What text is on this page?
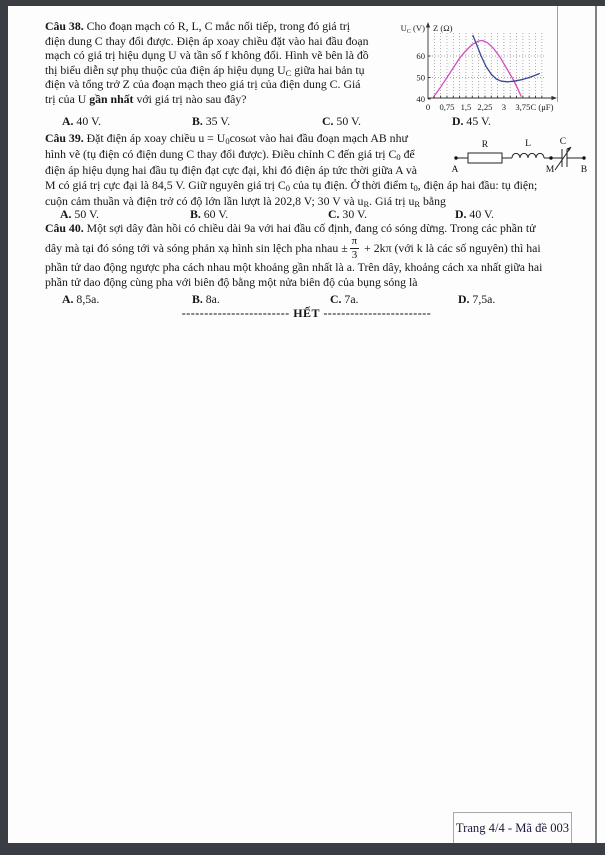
Câu 38. Cho đoạn mạch có R, L, C mắc nối tiếp, trong đó giá trị
điện dung C thay đổi được. Điện áp xoay chiều đặt vào hai đầu đoạn
mạch có giá trị hiệu dụng U và tần số f không đổi. Hình vẽ bên là đồ
thị biểu diễn sự phụ thuộc của điện áp hiệu dụng $U_C$ giữa hai bản tụ
điện và tổng trở Z của đoạn mạch theo giá trị của điện dung C. Giá
trị của U gần nhất với giá trị nào sau đây?	40
50
60
0 0,75 1,5 2,25 3 3,75 C (μF)
$U_C$ (V) Z (Ω)
A. 40 V.	B. 35 V.	C. 50 V.	D. 45 V.
Câu 39. Đặt điện áp xoay chiều $u = U_0\cos\omega t$ vào hai đầu đoạn mạch AB như
hình vẽ (tụ điện có điện dung C thay đổi được). Điều chỉnh C đến giá trị $C_0$ để
điện áp hiệu dụng hai đầu tụ điện đạt cực đại, khi đó điện áp tức thời giữa A và
M có giá trị cực đại là 84,5 V. Giữ nguyên giá trị $C_0$ của tụ điện. Ở thời điểm $t_0$, điện áp hai đầu: tụ điện;
cuộn cảm thuần và điện trở có độ lớn lần lượt là 202,8 V; 30 V và $u_R$. Giá trị $u_R$ bằng
R	L	C
A	M	B
A. 50 V.	B. 60 V.	C. 30 V.	D. 40 V.
Câu 40. Một sợi dây đàn hồi có chiều dài 9a với hai đầu cố định, đang có sóng dừng. Trong các phần tử
dây mà tại đó sóng tới và sóng phản xạ hình sin lệch pha nhau ± $\frac{\pi}{3} + 2k\pi$ (với k là các số nguyên) thì hai
phần tử dao động ngược pha cách nhau một khoảng gần nhất là a. Trên dây, khoảng cách xa nhất giữa hai
phần tử dao động cùng pha với biên độ bằng một nửa biên độ của bụng sóng là
A. 8,5a.	B. 8a.	C. 7a.	D. 7,5a.
------------------------ HẾT ------------------------
Trang 4/4 - Mã đề 003
